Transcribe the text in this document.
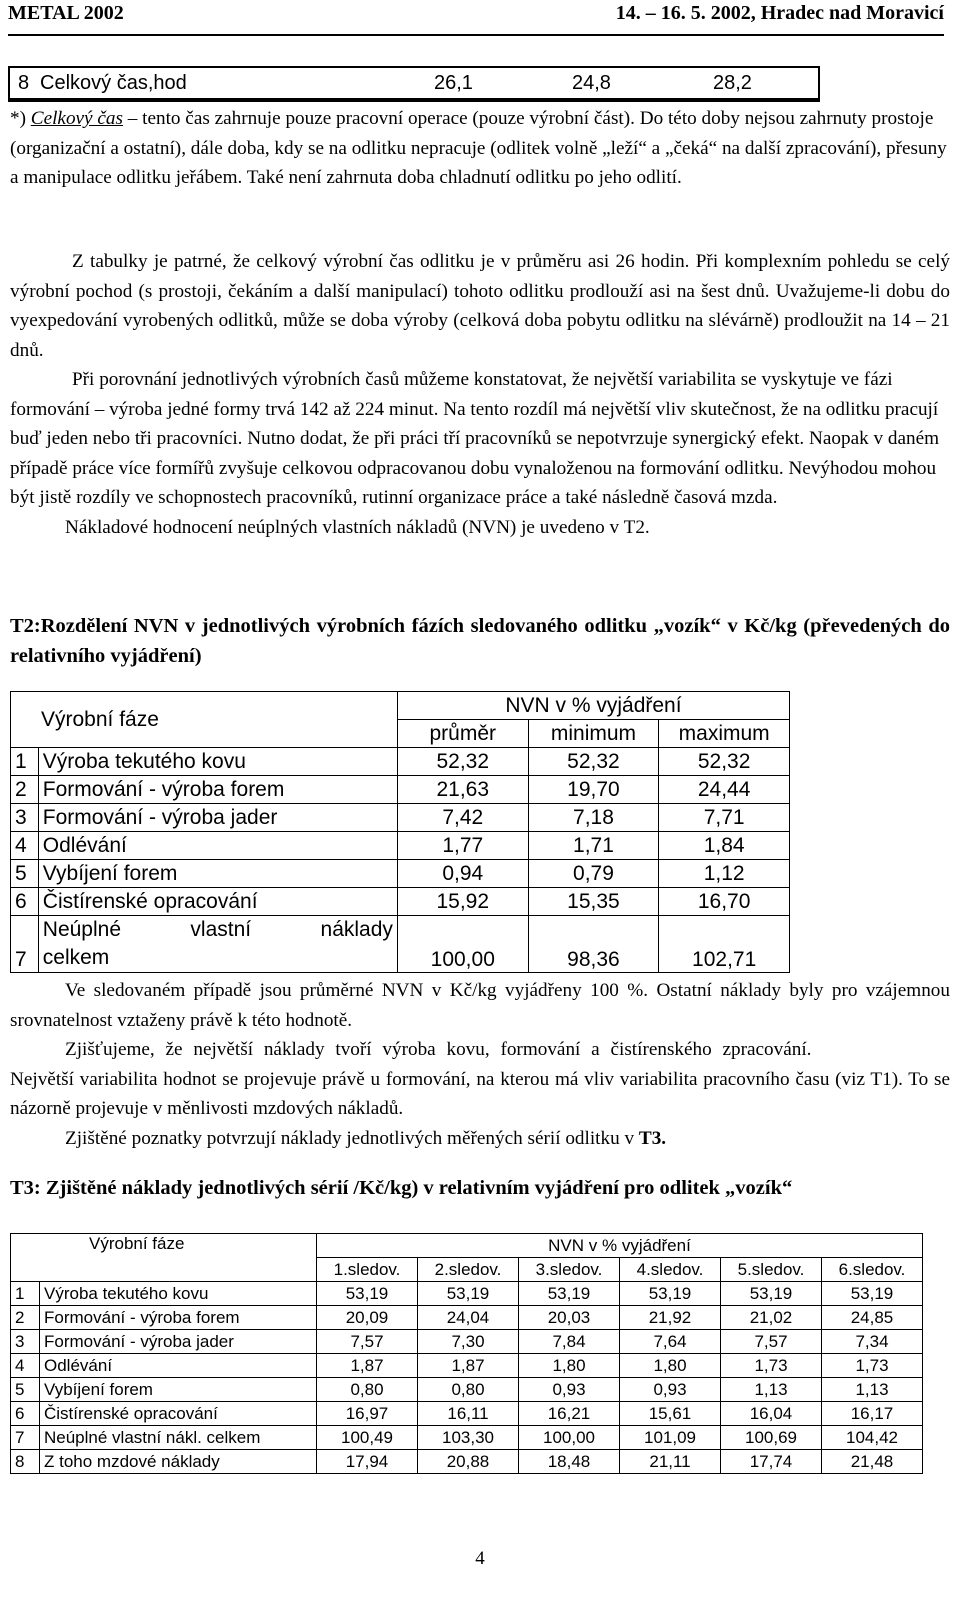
METAL 2002	14. – 16. 5. 2002, Hradec nad Moravicí
8 Celkový čas,hod	26,1	24,8	28,2

*) Celkový čas – tento čas zahrnuje pouze pracovní operace (pouze výrobní část). Do této doby nejsou zahrnuty prostoje (organizační a ostatní), dále doba, kdy se na odlitku nepracuje (odlitek volně „leží“ a „čeká“ na další zpracování), přesuny a manipulace odlitku jeřábem. Také není zahrnuta doba chladnutí odlitku po jeho odlití.

Z tabulky je patrné, že celkový výrobní čas odlitku je v průměru asi 26 hodin. Při komplexním pohledu se celý výrobní pochod (s prostoji, čekáním a další manipulací) tohoto odlitku prodlouží asi na šest dnů. Uvažujeme-li dobu do vyexpedování vyrobených odlitků, může se doba výroby (celková doba pobytu odlitku na slévárně) prodloužit na 14 – 21 dnů.

Při porovnání jednotlivých výrobních časů můžeme konstatovat, že největší variabilita se vyskytuje ve fázi formování – výroba jedné formy trvá 142 až 224 minut. Na tento rozdíl má největší vliv skutečnost, že na odlitku pracují buď jeden nebo tři pracovníci. Nutno dodat, že při práci tří pracovníků se nepotvrzuje synergický efekt. Naopak v daném případě práce více formířů zvyšuje celkovou odpracovanou dobu vynaloženou na formování odlitku. Nevýhodou mohou být jistě rozdíly ve schopnostech pracovníků, rutinní organizace práce a také následně časová mzda.

Nákladové hodnocení neúplných vlastních nákladů (NVN) je uvedeno v T2.

T2:Rozdělení NVN v jednotlivých výrobních fázích sledovaného odlitku „vozík“ v Kč/kg (převedených do relativního vyjádření)
Výrobní fáze		NVN v % vyjádření		
		průměr	minimum	maximum
1	Výroba tekutého kovu	52,32	52,32	52,32
2	Formování - výroba forem	21,63	19,70	24,44
3	Formování - výroba jader	7,42	7,18	7,71
4	Odlévání	1,77	1,71	1,84
5	Vybíjení forem	0,94	0,79	1,12
6	Čistírenské opracování	15,92	15,35	16,70
7	Neúplné vlastní náklady
celkem	100,00	98,36	102,71

Ve sledovaném případě jsou průměrné NVN v Kč/kg vyjádřeny 100 %. Ostatní náklady byly pro vzájemnou srovnatelnost vztaženy právě k této hodnotě.

Zjišťujeme, že největší náklady tvoří výroba kovu, formování a čistírenského zpracování.

Největší variabilita hodnot se projevuje právě u formování, na kterou má vliv variabilita pracovního času (viz T1). To se názorně projevuje v měnlivosti mzdových nákladů.

Zjištěné poznatky potvrzují náklady jednotlivých měřených sérií odlitku v T3.

T3: Zjištěné náklady jednotlivých sérií /Kč/kg) v relativním vyjádření pro odlitek „vozík“
Výrobní fáze		NVN v % vyjádření					
		1.sledov.	2.sledov.	3.sledov.	4.sledov.	5.sledov.	6.sledov.
1	Výroba tekutého kovu	53,19	53,19	53,19	53,19	53,19	53,19
2	Formování - výroba forem	20,09	24,04	20,03	21,92	21,02	24,85
3	Formování - výroba jader	7,57	7,30	7,84	7,64	7,57	7,34
4	Odlévání	1,87	1,87	1,80	1,80	1,73	1,73
5	Vybíjení forem	0,80	0,80	0,93	0,93	1,13	1,13
6	Čistírenské opracování	16,97	16,11	16,21	15,61	16,04	16,17
7	Neúplné vlastní nákl. celkem	100,49	103,30	100,00	101,09	100,69	104,42
8	Z toho mzdové náklady	17,94	20,88	18,48	21,11	17,74	21,48
4
